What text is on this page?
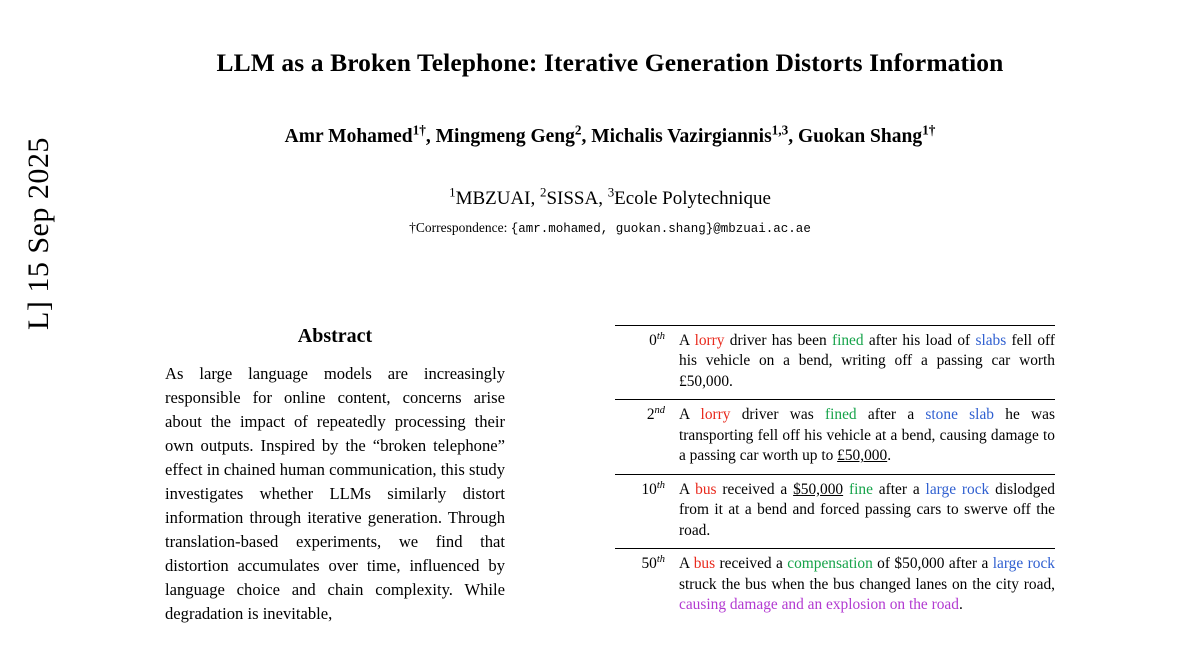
L] 15 Sep 2025
LLM as a Broken Telephone: Iterative Generation Distorts Information
Amr Mohamed$^{1\dagger}$, Mingmeng Geng$^2$, Michalis Vazirgiannis$^{1,3}$, Guokan Shang$^{1\dagger}$
$^1$MBZUAI, $^2$SISSA, $^3$Ecole Polytechnique
†Correspondence: {amr.mohamed, guokan.shang}@mbzuai.ac.ae
Abstract
As large language models are increasingly responsible for online content, concerns arise about the impact of repeatedly processing their own outputs. Inspired by the “broken telephone” effect in chained human communication, this study investigates whether LLMs similarly distort information through iterative generation. Through translation-based experiments, we find that distortion accumulates over time, influenced by language choice and chain complexity. While degradation is inevitable,
0th	A lorry driver has been fined after his load of slabs fell off his vehicle on a bend, writing off a passing car worth £50,000.
2nd	A lorry driver was fined after a stone slab he was transporting fell off his vehicle at a bend, causing damage to a passing car worth up to £50,000.
10th	A bus received a $50,000 fine after a large rock dislodged from it at a bend and forced passing cars to swerve off the road.
50th	A bus received a compensation of $50,000 after a large rock struck the bus when the bus changed lanes on the city road, causing damage and an explosion on the road.
